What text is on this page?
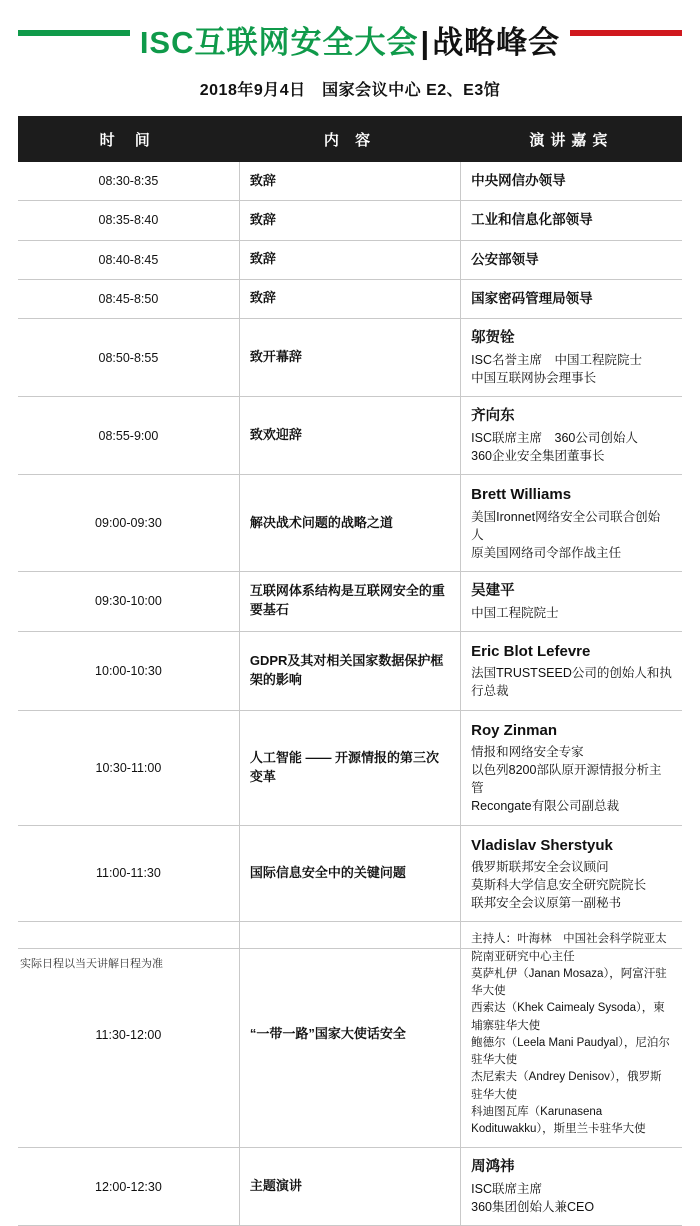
ISC互联网安全大会|战略峰会
2018年9月4日　国家会议中心 E2、E3馆
时 间	内 容	演讲嘉宾
08:30-8:35	致辞	中央网信办领导

08:35-8:40	致辞	工业和信息化部领导

08:40-8:45	致辞	公安部领导

08:45-8:50	致辞	国家密码管理局领导

08:50-8:55	致开幕辞	邬贺铨
ISC名誉主席　中国工程院院士
中国互联网协会理事长

08:55-9:00	致欢迎辞	齐向东
ISC联席主席　360公司创始人
360企业安全集团董事长

09:00-09:30	解决战术问题的战略之道	Brett Williams
美国Ironnet网络安全公司联合创始人
原美国网络司令部作战主任

09:30-10:00	互联网体系结构是互联网安全的重要基石	吴建平
中国工程院院士

10:00-10:30	GDPR及其对相关国家数据保护框架的影响	Eric Blot Lefevre
法国TRUSTSEED公司的创始人和执行总裁

10:30-11:00	人工智能 —— 开源情报的第三次变革	Roy Zinman
情报和网络安全专家
以色列8200部队原开源情报分析主管
Recongate有限公司副总裁

11:00-11:30	国际信息安全中的关键问题	Vladislav Sherstyuk
俄罗斯联邦安全会议顾问
莫斯科大学信息安全研究院院长
联邦安全会议原第一副秘书

11:30-12:00	“一带一路”国家大使话安全	
主持人：叶海林　中国社会科学院亚太院南亚研究中心主任
莫萨札伊（Janan Mosaza），阿富汗驻华大使
西索达（Khek Caimealy Sysoda），柬埔寨驻华大使
鲍德尔（Leela Mani Paudyal），尼泊尔驻华大使
杰尼索夫（Andrey Denisov），俄罗斯驻华大使
科迪图瓦库（Karunasena Kodituwakku），斯里兰卡驻华大使

12:00-12:30	主题演讲	周鸿祎
ISC联席主席
360集团创始人兼CEO
实际日程以当天讲解日程为准
